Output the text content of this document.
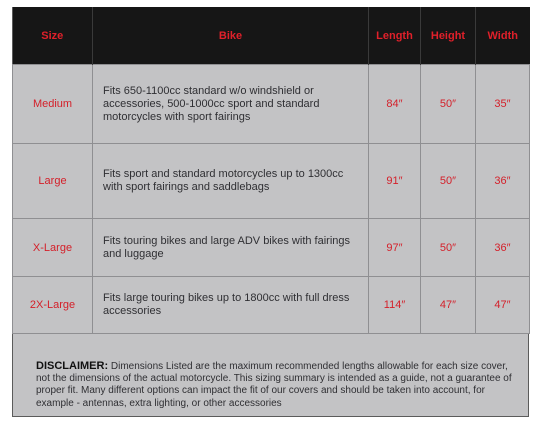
Size	Bike	Length	Height	Width
Medium	Fits 650-1100cc standard w/o windshield or accessories, 500-1000cc sport and standard motorcycles with sport fairings	84″	50″	35″
Large	Fits sport and standard motorcycles up to 1300cc with sport fairings and saddlebags	91″	50″	36″
X-Large	Fits touring bikes and large ADV bikes with fairings and luggage	97″	50″	36″
2X-Large	Fits large touring bikes up to 1800cc with full dress accessories	114″	47″	47″
DISCLAIMER: Dimensions Listed are the maximum recommended lengths allowable for each size cover, not the dimensions of the actual motorcycle. This sizing summary is intended as a guide, not a guarantee of proper fit. Many different options can impact the fit of our covers and should be taken into account, for example - antennas, extra lighting, or other accessories
